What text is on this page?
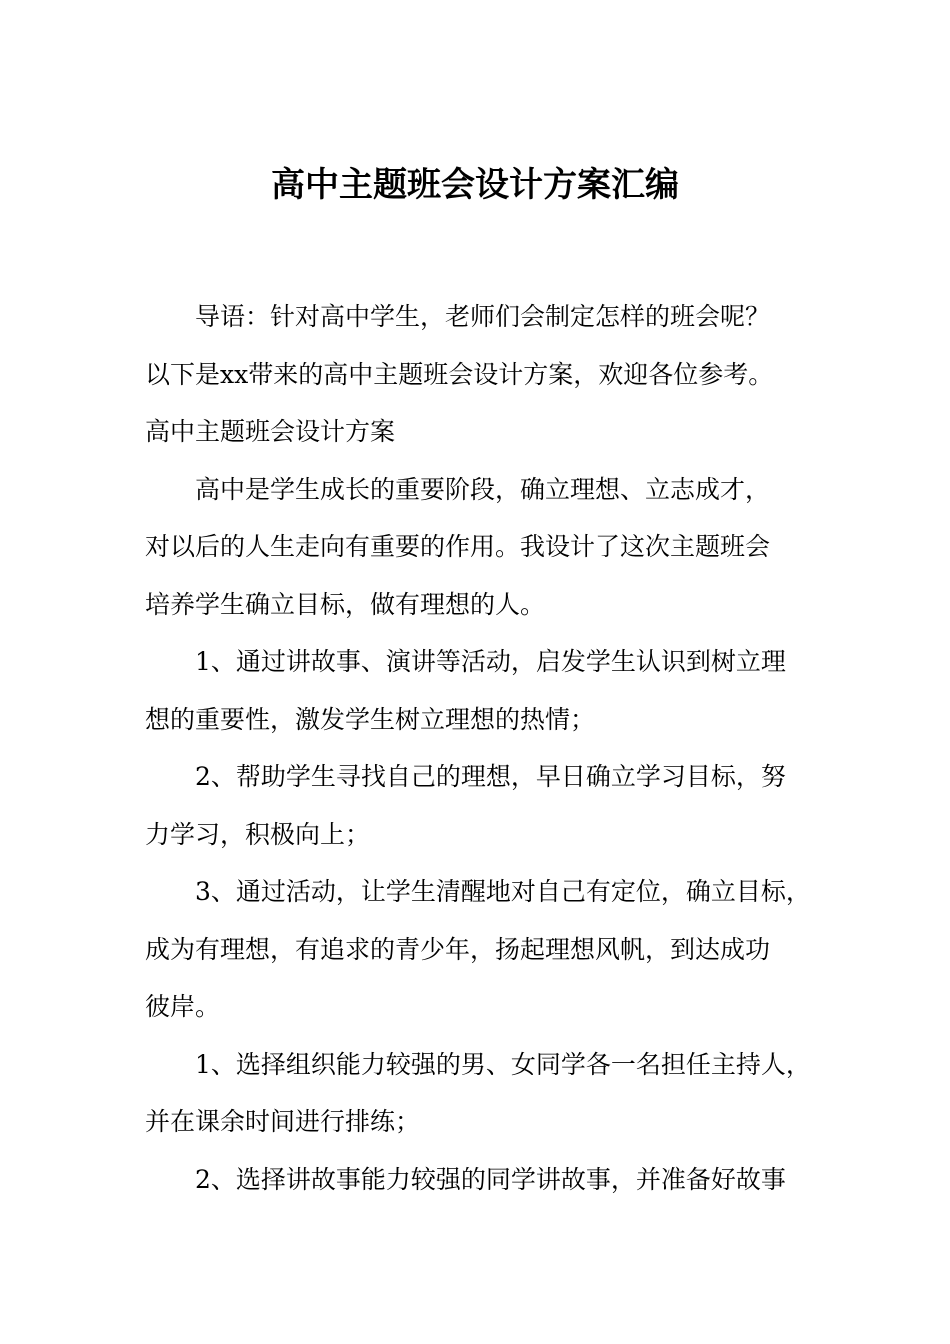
高中主题班会设计方案汇编

导语：针对高中学生，老师们会制定怎样的班会呢？

以下是xx带来的高中主题班会设计方案，欢迎各位参考。

高中主题班会设计方案

高中是学生成长的重要阶段，确立理想、立志成才，

对以后的人生走向有重要的作用。我设计了这次主题班会

培养学生确立目标，做有理想的人。

1、通过讲故事、演讲等活动，启发学生认识到树立理

想的重要性，激发学生树立理想的热情；

2、帮助学生寻找自己的理想，早日确立学习目标，努

力学习，积极向上；

3、通过活动，让学生清醒地对自己有定位，确立目标，

成为有理想，有追求的青少年，扬起理想风帆，到达成功

彼岸。

1、选择组织能力较强的男、女同学各一名担任主持人，

并在课余时间进行排练；

2、选择讲故事能力较强的同学讲故事，并准备好故事
